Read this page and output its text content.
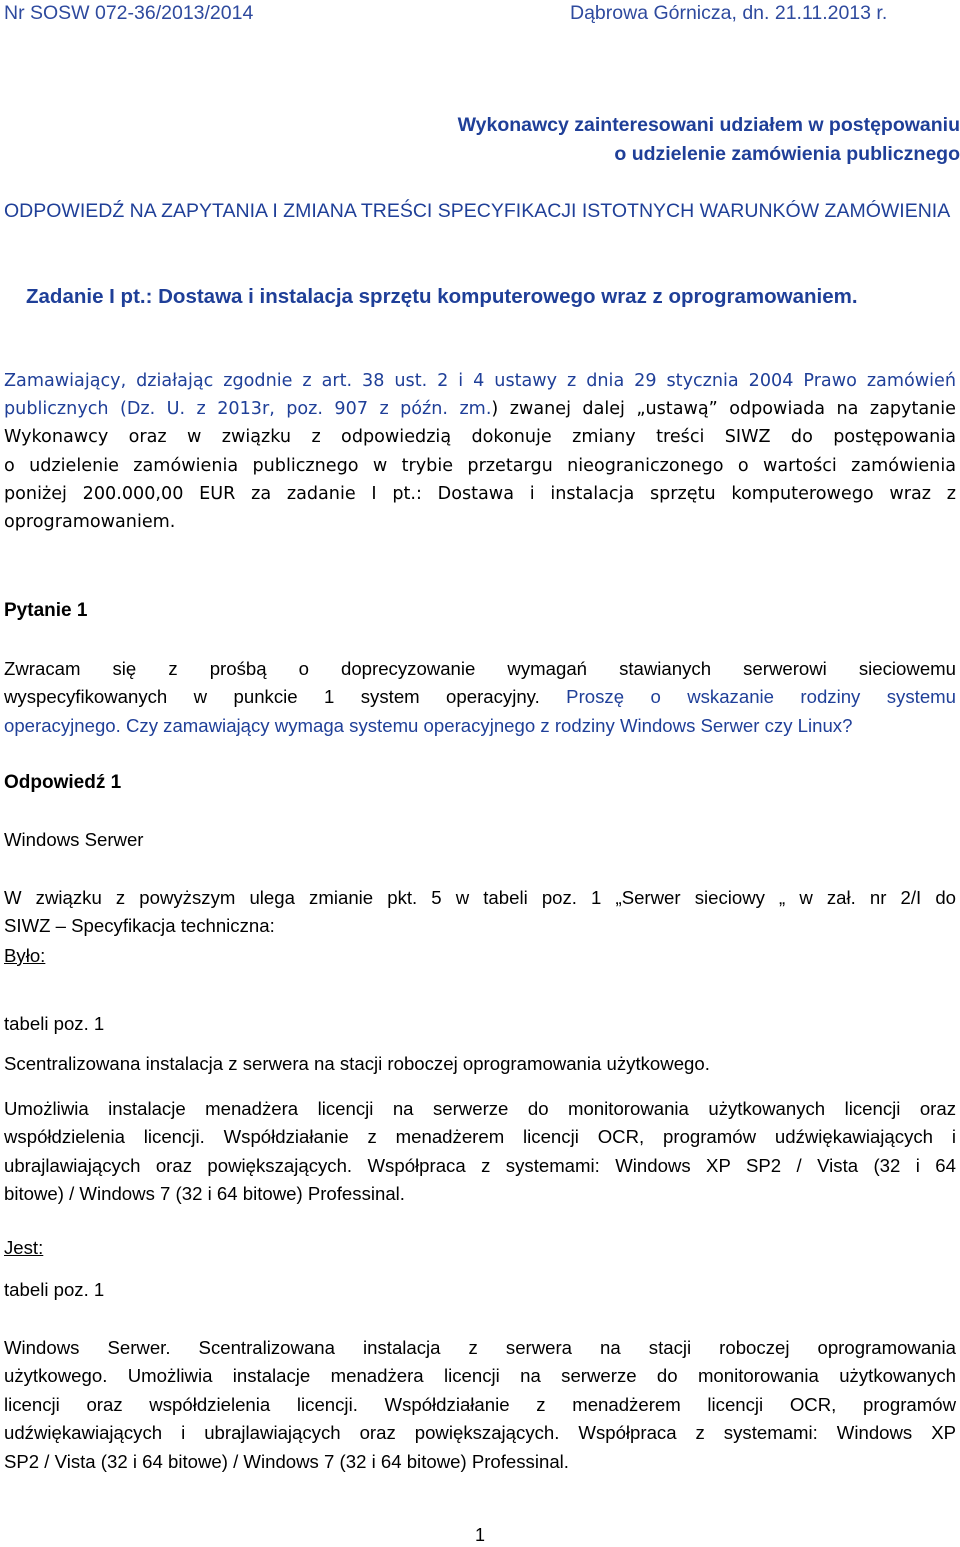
Nr SOSW 072-36/2013/2014	Dąbrowa Górnicza, dn. 21.11.2013 r.
Wykonawcy zainteresowani udziałem w postępowaniu
o udzielenie zamówienia publicznego
ODPOWIEDŹ NA ZAPYTANIA I ZMIANA TREŚCI SPECYFIKACJI ISTOTNYCH WARUNKÓW ZAMÓWIENIA
Zadanie I pt.: Dostawa i instalacja sprzętu komputerowego wraz z oprogramowaniem.
Zamawiający, działając zgodnie z art. 38 ust. 2 i 4 ustawy z dnia 29 stycznia 2004 Prawo zamówień
publicznych (Dz. U. z 2013r, poz. 907 z późn. zm.) zwanej dalej „ustawą” odpowiada na zapytanie
Wykonawcy oraz w związku z odpowiedzią dokonuje zmiany treści SIWZ do postępowania
o udzielenie zamówienia publicznego w trybie przetargu nieograniczonego o wartości zamówienia
poniżej 200.000,00 EUR za zadanie I pt.: Dostawa i instalacja sprzętu komputerowego wraz z
oprogramowaniem.
Pytanie 1
Zwracam się z prośbą o doprecyzowanie wymagań stawianych serwerowi sieciowemu
wyspecyfikowanych w punkcie 1 system operacyjny. Proszę o wskazanie rodziny systemu
operacyjnego. Czy zamawiający wymaga systemu operacyjnego z rodziny Windows Serwer czy Linux?
Odpowiedź 1
Windows Serwer
W związku z powyższym ulega zmianie pkt. 5 w tabeli poz. 1 „Serwer sieciowy „ w zał. nr 2/I do
SIWZ – Specyfikacja techniczna:
Było:
tabeli poz. 1
Scentralizowana instalacja z serwera na stacji roboczej oprogramowania użytkowego.
Umożliwia instalacje menadżera licencji na serwerze do monitorowania użytkowanych licencji oraz
współdzielenia licencji. Współdziałanie z menadżerem licencji OCR, programów udźwiękawiających i
ubrajlawiających oraz powiększających. Współpraca z systemami: Windows XP SP2 / Vista (32 i 64
bitowe) / Windows 7 (32 i 64 bitowe) Professinal.
Jest:
tabeli poz. 1
Windows Serwer. Scentralizowana instalacja z serwera na stacji roboczej oprogramowania
użytkowego. Umożliwia instalacje menadżera licencji na serwerze do monitorowania użytkowanych
licencji oraz współdzielenia licencji. Współdziałanie z menadżerem licencji OCR, programów
udźwiękawiających i ubrajlawiających oraz powiększających. Współpraca z systemami: Windows XP
SP2 / Vista (32 i 64 bitowe) / Windows 7 (32 i 64 bitowe) Professinal.
1
